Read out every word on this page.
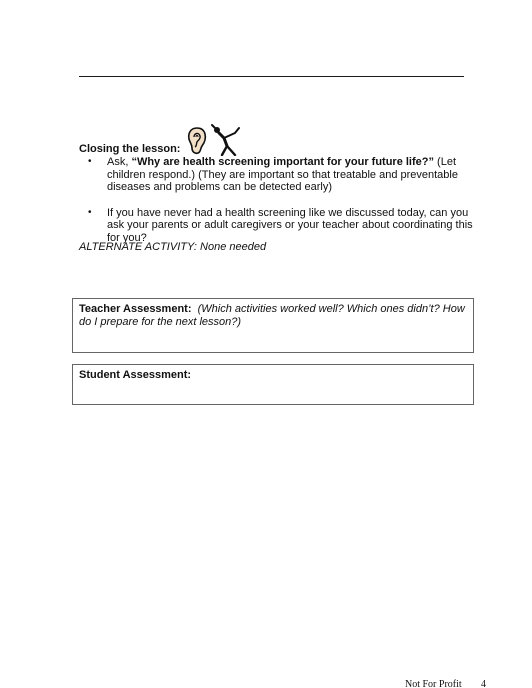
Closing the lesson:
• Ask, “Why are health screening important for your future life?” (Let children respond.) (They are important so that treatable and preventable diseases and problems can be detected early)
• If you have never had a health screening like we discussed today, can you ask your parents or adult caregivers or your teacher about coordinating this for you?
ALTERNATE ACTIVITY: None needed
Teacher Assessment: (Which activities worked well? Which ones didn’t? How do I prepare for the next lesson?)
Student Assessment:
Not For Profit 4
